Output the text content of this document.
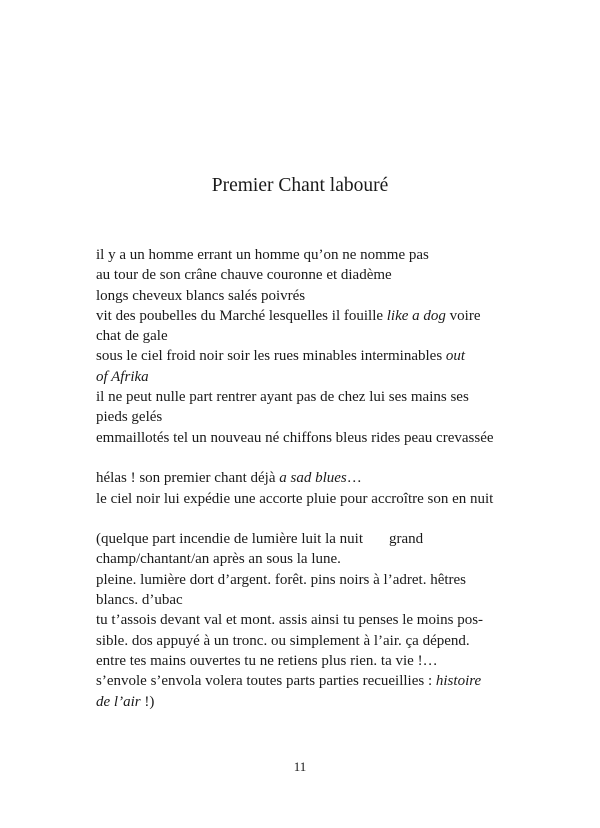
Premier Chant labouré
il y a un homme errant un homme qu’on ne nomme pas
au tour de son crâne chauve couronne et diadème
longs cheveux blancs salés poivrés
vit des poubelles du Marché lesquelles il fouille like a dog voire
chat de gale
sous le ciel froid noir soir les rues minables interminables out
of Afrika
il ne peut nulle part rentrer ayant pas de chez lui ses mains ses
pieds gelés
emmaillotés tel un nouveau né chiffons bleus rides peau crevassée
hélas ! son premier chant déjà a sad blues…
le ciel noir lui expédie une accorte pluie pour accroître son en nuit
(quelque part incendie de lumière luit la nuit grand
champ/chantant/an après an sous la lune.
pleine. lumière dort d’argent. forêt. pins noirs à l’adret. hêtres
blancs. d’ubac
tu t’assois devant val et mont. assis ainsi tu penses le moins pos-
sible. dos appuyé à un tronc. ou simplement à l’air. ça dépend.
entre tes mains ouvertes tu ne retiens plus rien. ta vie !…
s’envole s’envola volera toutes parts parties recueillies : histoire
de l’air !)
11
